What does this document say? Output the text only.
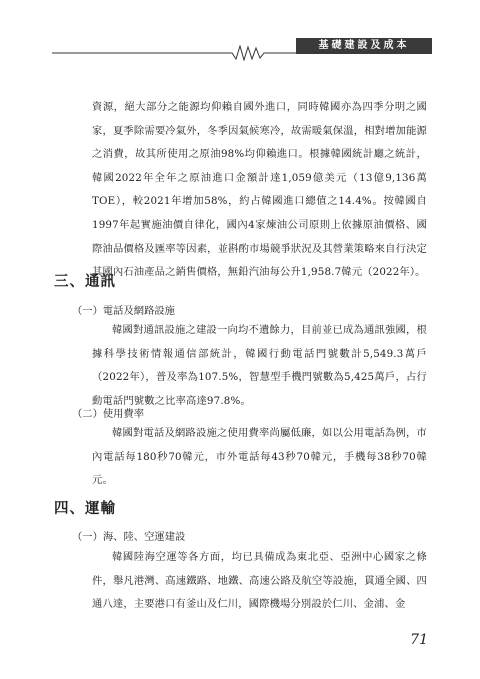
基礎建設及成本

資源，絕大部分之能源均仰賴自國外進口，同時韓國亦為四季分明之國家，夏季除需要冷氣外，冬季因氣候寒冷，故需暖氣保溫，相對增加能源之消費，故其所使用之原油98%均仰賴進口。根據韓國統計廳之統計，韓國2022年全年之原油進口金額計達1,059億美元（13億9,136萬TOE），較2021年增加58%，約占韓國進口總值之14.4%。按韓國自1997年起實施油價自律化，國內4家煉油公司原則上依據原油價格、國際油品價格及匯率等因素，並斟酌市場競爭狀況及其營業策略來自行決定其國內石油產品之銷售價格，無鉛汽油每公升1,958.7韓元（2022年）。

三、通訊
（一）電話及網路設施

韓國對通訊設施之建設一向均不遺餘力，目前並已成為通訊強國，根據科學技術情報通信部統計，韓國行動電話門號數計5,549.3萬戶（2022年），普及率為107.5%，智慧型手機門號數為5,425萬戶，占行動電話門號數之比率高達97.8%。

（二）使用費率

韓國對電話及網路設施之使用費率尚屬低廉，如以公用電話為例，市內電話每180秒70韓元，市外電話每43秒70韓元，手機每38秒70韓元。

四、運輸
（一）海、陸、空運建設

韓國陸海空運等各方面，均已具備成為東北亞、亞洲中心國家之條件，舉凡港灣、高速鐵路、地鐵、高速公路及航空等設施，貫通全國、四通八達，主要港口有釜山及仁川，國際機場分別設於仁川、金浦、金

71
